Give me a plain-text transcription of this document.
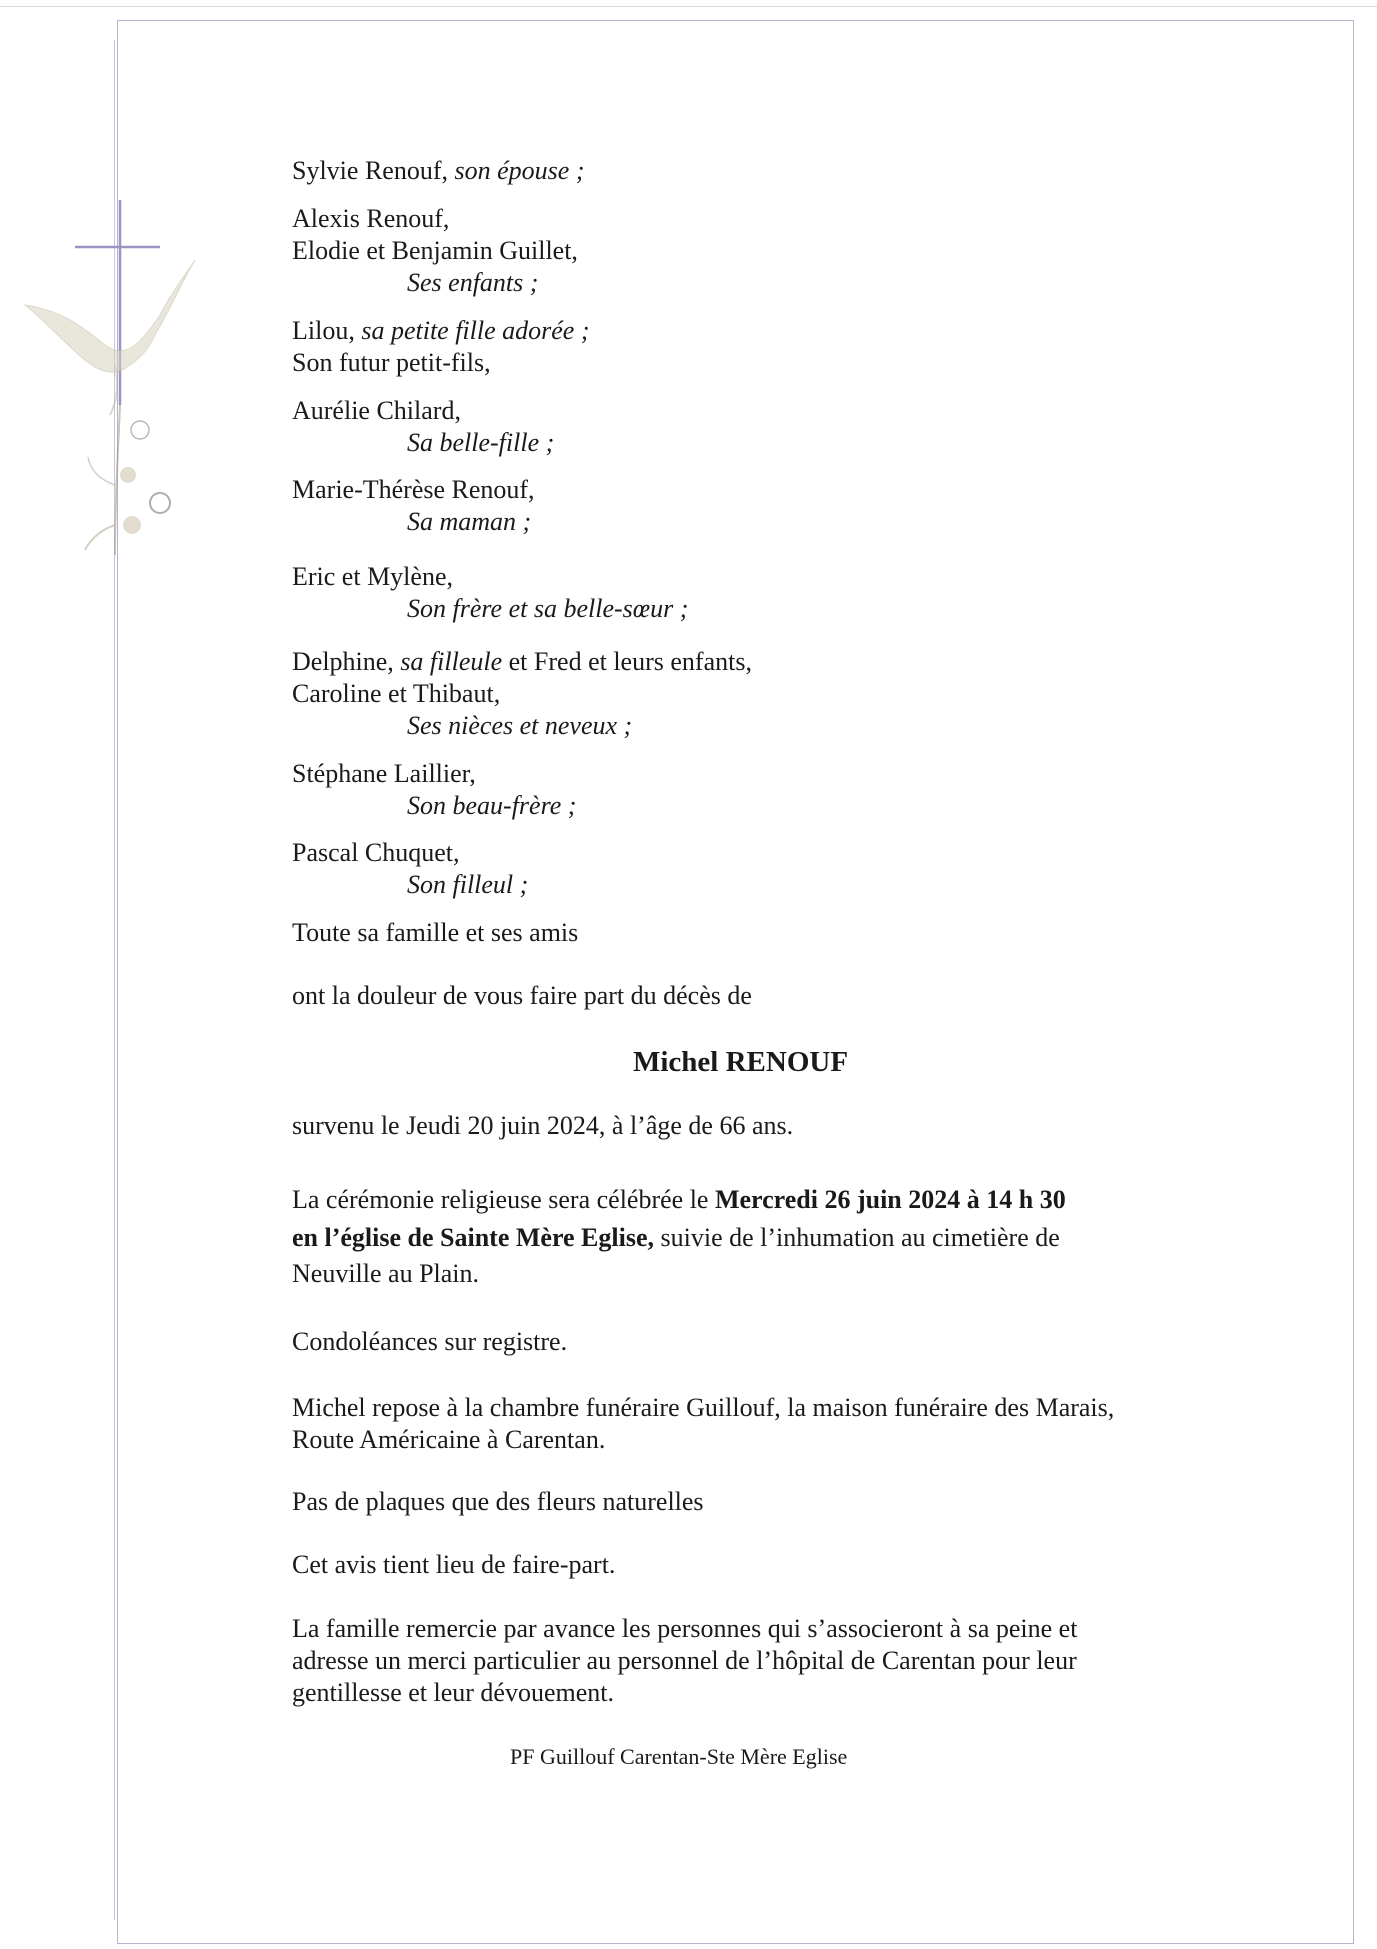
Sylvie Renouf, son épouse ;
Alexis Renouf,
Elodie et Benjamin Guillet,
Ses enfants ;
Lilou, sa petite fille adorée ;
Son futur petit-fils,
Aurélie Chilard,
Sa belle-fille ;
Marie-Thérèse Renouf,
Sa maman ;
Eric et Mylène,
Son frère et sa belle-sœur ;
Delphine, sa filleule et Fred et leurs enfants,
Caroline et Thibaut,
Ses nièces et neveux ;
Stéphane Laillier,
Son beau-frère ;
Pascal Chuquet,
Son filleul ;
Toute sa famille et ses amis
ont la douleur de vous faire part du décès de
Michel RENOUF
survenu le Jeudi 20 juin 2024, à l’âge de 66 ans.
La cérémonie religieuse sera célébrée le Mercredi 26 juin 2024 à 14 h 30
en l’église de Sainte Mère Eglise, suivie de l’inhumation au cimetière de
Neuville au Plain.
Condoléances sur registre.
Michel repose à la chambre funéraire Guillouf, la maison funéraire des Marais,
Route Américaine à Carentan.
Pas de plaques que des fleurs naturelles
Cet avis tient lieu de faire-part.
La famille remercie par avance les personnes qui s’associeront à sa peine et
adresse un merci particulier au personnel de l’hôpital de Carentan pour leur
gentillesse et leur dévouement.
PF Guillouf Carentan-Ste Mère Eglise
